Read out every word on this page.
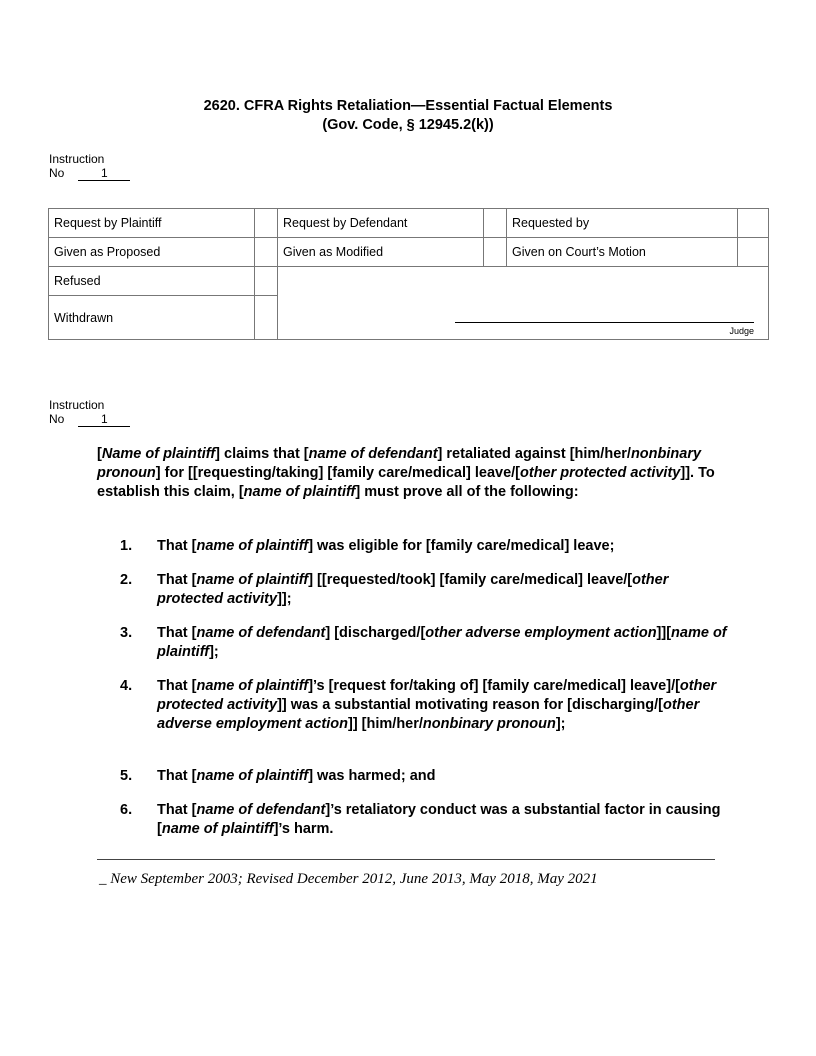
2620. CFRA Rights Retaliation—Essential Factual Elements
(Gov. Code, § 12945.2(k))
Instruction
No	1
Request by Plaintiff		Request by Defendant		Requested by	
Given as Proposed		Given as Modified		Given on Court’s Motion	
Refused		Judge			

Withdrawn					
Instruction
No	1
[Name of plaintiff] claims that [name of defendant] retaliated against [him/her/nonbinary pronoun] for [[requesting/taking] [family care/medical] leave/[other protected activity]]. To establish this claim, [name of plaintiff] must prove all of the following:
1. That [name of plaintiff] was eligible for [family care/medical] leave;
2. That [name of plaintiff] [[requested/took] [family care/medical] leave/[other protected activity]];
3. That [name of defendant] [discharged/[other adverse employment action]][name of plaintiff];
4. That [name of plaintiff]’s [request for/taking of] [family care/medical] leave]/[other protected activity]] was a substantial motivating reason for [discharging/[other adverse employment action]] [him/her/nonbinary pronoun];
5. That [name of plaintiff] was harmed; and
6. That [name of defendant]’s retaliatory conduct was a substantial factor in causing [name of plaintiff]’s harm.
_ New September 2003; Revised December 2012, June 2013, May 2018, May 2021
